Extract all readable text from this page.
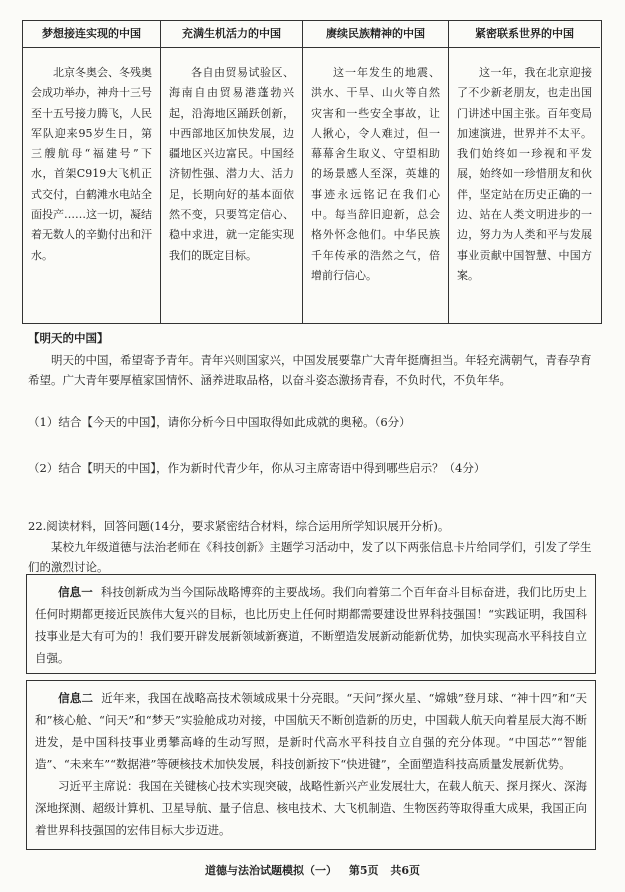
梦想接连实现的中国
北京冬奥会、冬残奥会成功举办，神舟十三号至十五号接力腾飞，人民军队迎来95岁生日，第三艘航母“福建号”下水，首架C919大飞机正式交付，白鹤滩水电站全面投产……这一切，凝结着无数人的辛勤付出和汗水。
充满生机活力的中国
各自由贸易试验区、海南自由贸易港蓬勃兴起，沿海地区踊跃创新，中西部地区加快发展，边疆地区兴边富民。中国经济韧性强、潜力大、活力足，长期向好的基本面依然不变，只要笃定信心、稳中求进，就一定能实现我们的既定目标。
赓续民族精神的中国
这一年发生的地震、洪水、干旱、山火等自然灾害和一些安全事故，让人揪心，令人难过，但一幕幕舍生取义、守望相助的场景感人至深，英雄的事迹永远铭记在我们心中。每当辞旧迎新，总会格外怀念他们。中华民族千年传承的浩然之气，倍增前行信心。
紧密联系世界的中国
这一年，我在北京迎接了不少新老朋友，也走出国门讲述中国主张。百年变局加速演进，世界并不太平。我们始终如一珍视和平发展，始终如一珍惜朋友和伙伴，坚定站在历史正确的一边、站在人类文明进步的一边，努力为人类和平与发展事业贡献中国智慧、中国方案。
【明天的中国】
明天的中国，希望寄予青年。青年兴则国家兴，中国发展要靠广大青年挺膺担当。年轻充满朝气，青春孕育希望。广大青年要厚植家国情怀、涵养进取品格，以奋斗姿态激扬青春，不负时代，不负年华。
（1）结合【今天的中国】，请你分析今日中国取得如此成就的奥秘。（6分）
（2）结合【明天的中国】，作为新时代青少年，你从习主席寄语中得到哪些启示？（4分）
22.阅读材料，回答问题(14分，要求紧密结合材料，综合运用所学知识展开分析)。
某校九年级道德与法治老师在《科技创新》主题学习活动中，发了以下两张信息卡片给同学们，引发了学生们的激烈讨论。
信息一 科技创新成为当今国际战略博弈的主要战场。我们向着第二个百年奋斗目标奋进，我们比历史上任何时期都更接近民族伟大复兴的目标，也比历史上任何时期都需要建设世界科技强国！“实践证明，我国科技事业是大有可为的！我们要开辟发展新领域新赛道，不断塑造发展新动能新优势，加快实现高水平科技自立自强。
信息二 近年来，我国在战略高技术领域成果十分亮眼。“天问”探火星、“嫦娥”登月球、“神十四”和“天和”核心舱、“问天”和“梦天”实验舱成功对接，中国航天不断创造新的历史，中国载人航天向着星辰大海不断进发，是中国科技事业勇攀高峰的生动写照，是新时代高水平科技自立自强的充分体现。“中国芯”“智能造”、“未来车”“数据港”等硬核技术加快发展，科技创新按下“快进键”，全面塑造科技高质量发展新优势。
习近平主席说：我国在关键核心技术实现突破，战略性新兴产业发展壮大，在载人航天、探月探火、深海深地探测、超级计算机、卫星导航、量子信息、核电技术、大飞机制造、生物医药等取得重大成果，我国正向着世界科技强国的宏伟目标大步迈进。
道德与法治试题模拟（一） 第5页 共6页
